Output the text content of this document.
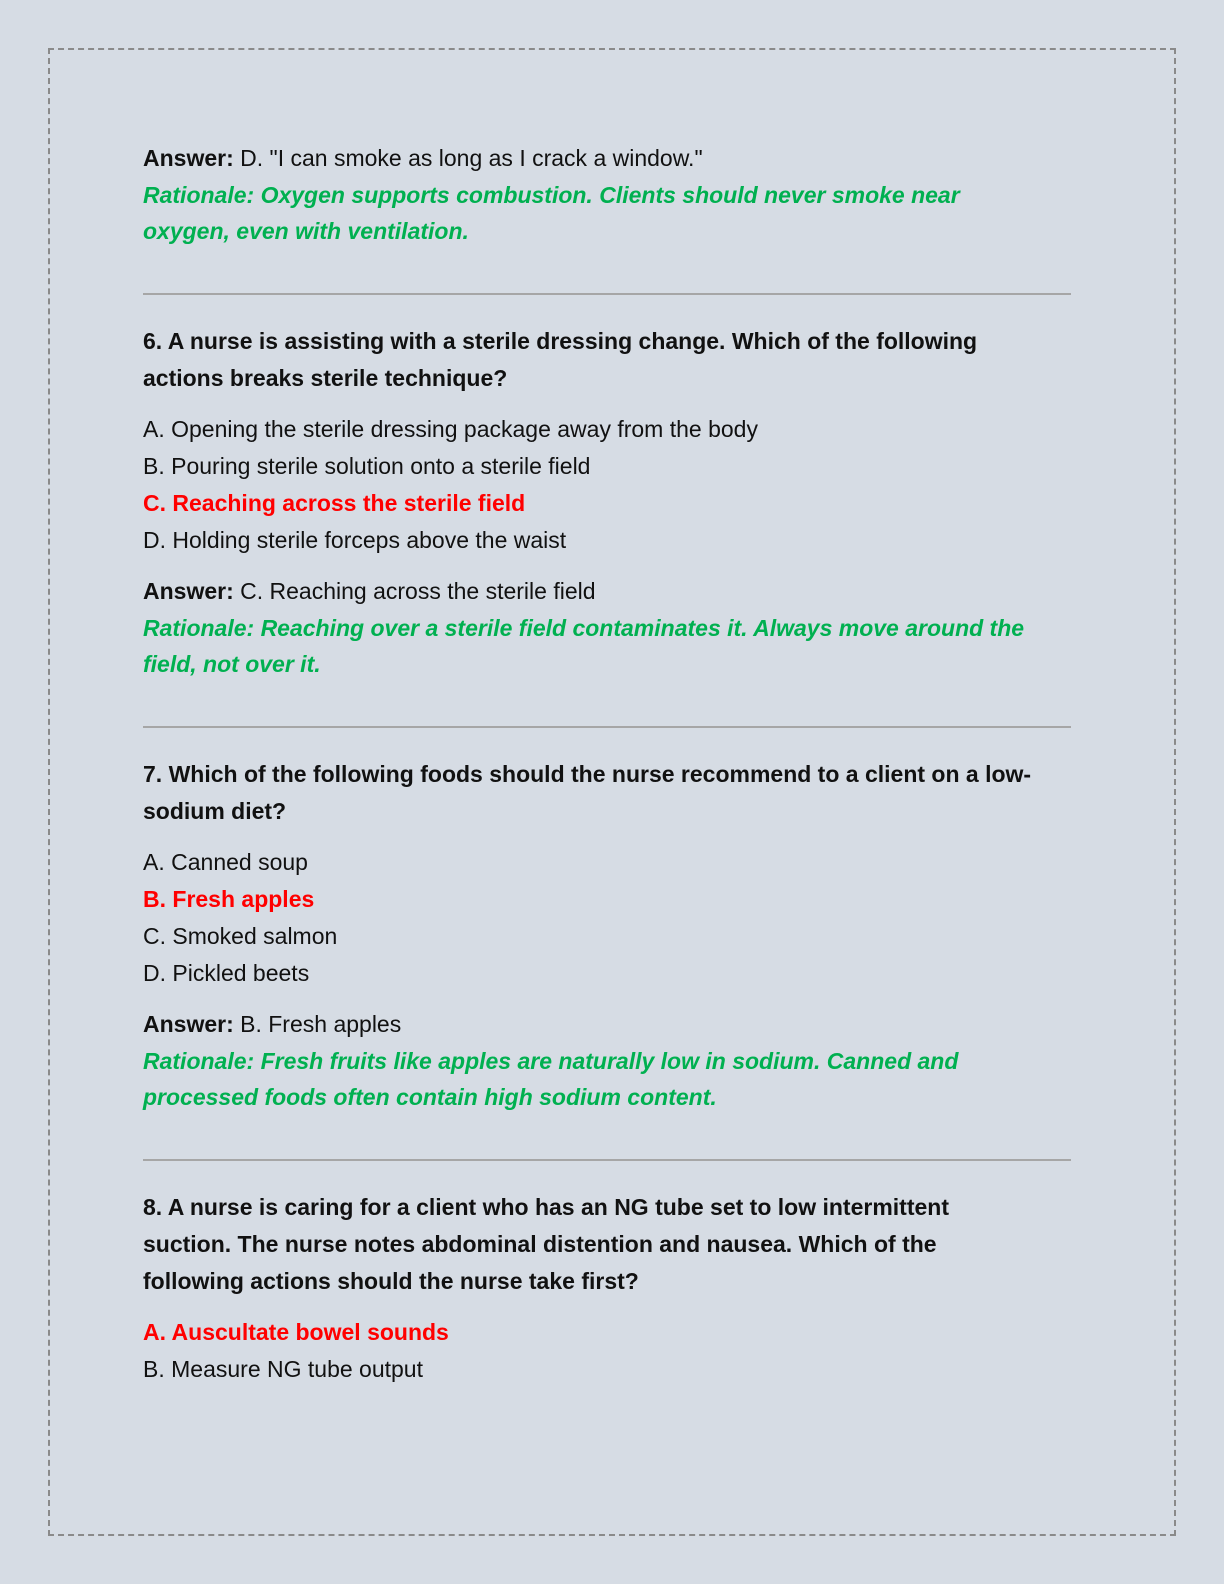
Answer: D. "I can smoke as long as I crack a window."

Rationale: Oxygen supports combustion. Clients should never smoke near oxygen, even with ventilation.

6. A nurse is assisting with a sterile dressing change. Which of the following actions breaks sterile technique?

A. Opening the sterile dressing package away from the body

B. Pouring sterile solution onto a sterile field

C. Reaching across the sterile field

D. Holding sterile forceps above the waist

Answer: C. Reaching across the sterile field

Rationale: Reaching over a sterile field contaminates it. Always move around the field, not over it.

7. Which of the following foods should the nurse recommend to a client on a low-sodium diet?

A. Canned soup

B. Fresh apples

C. Smoked salmon

D. Pickled beets

Answer: B. Fresh apples

Rationale: Fresh fruits like apples are naturally low in sodium. Canned and processed foods often contain high sodium content.

8. A nurse is caring for a client who has an NG tube set to low intermittent suction. The nurse notes abdominal distention and nausea. Which of the following actions should the nurse take first?

A. Auscultate bowel sounds

B. Measure NG tube output
